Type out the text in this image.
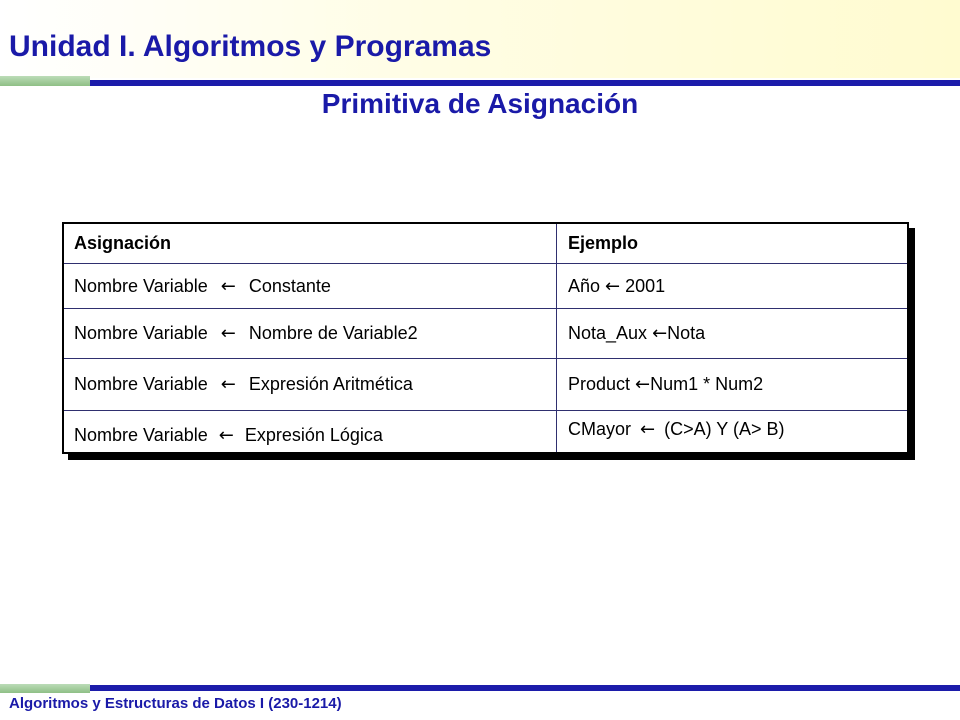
Unidad I. Algoritmos y Programas
Primitiva de Asignación
Asignación	Ejemplo
Nombre Variable ← Constante	Año ← 2001
Nombre Variable ← Nombre de Variable2	Nota_Aux ← Nota
Nombre Variable ← Expresión Aritmética	Product ← Num1 * Num2
Nombre Variable ← Expresión Lógica	CMayor ← (C>A) Y (A> B)
Algoritmos y Estructuras de Datos I (230-1214)
